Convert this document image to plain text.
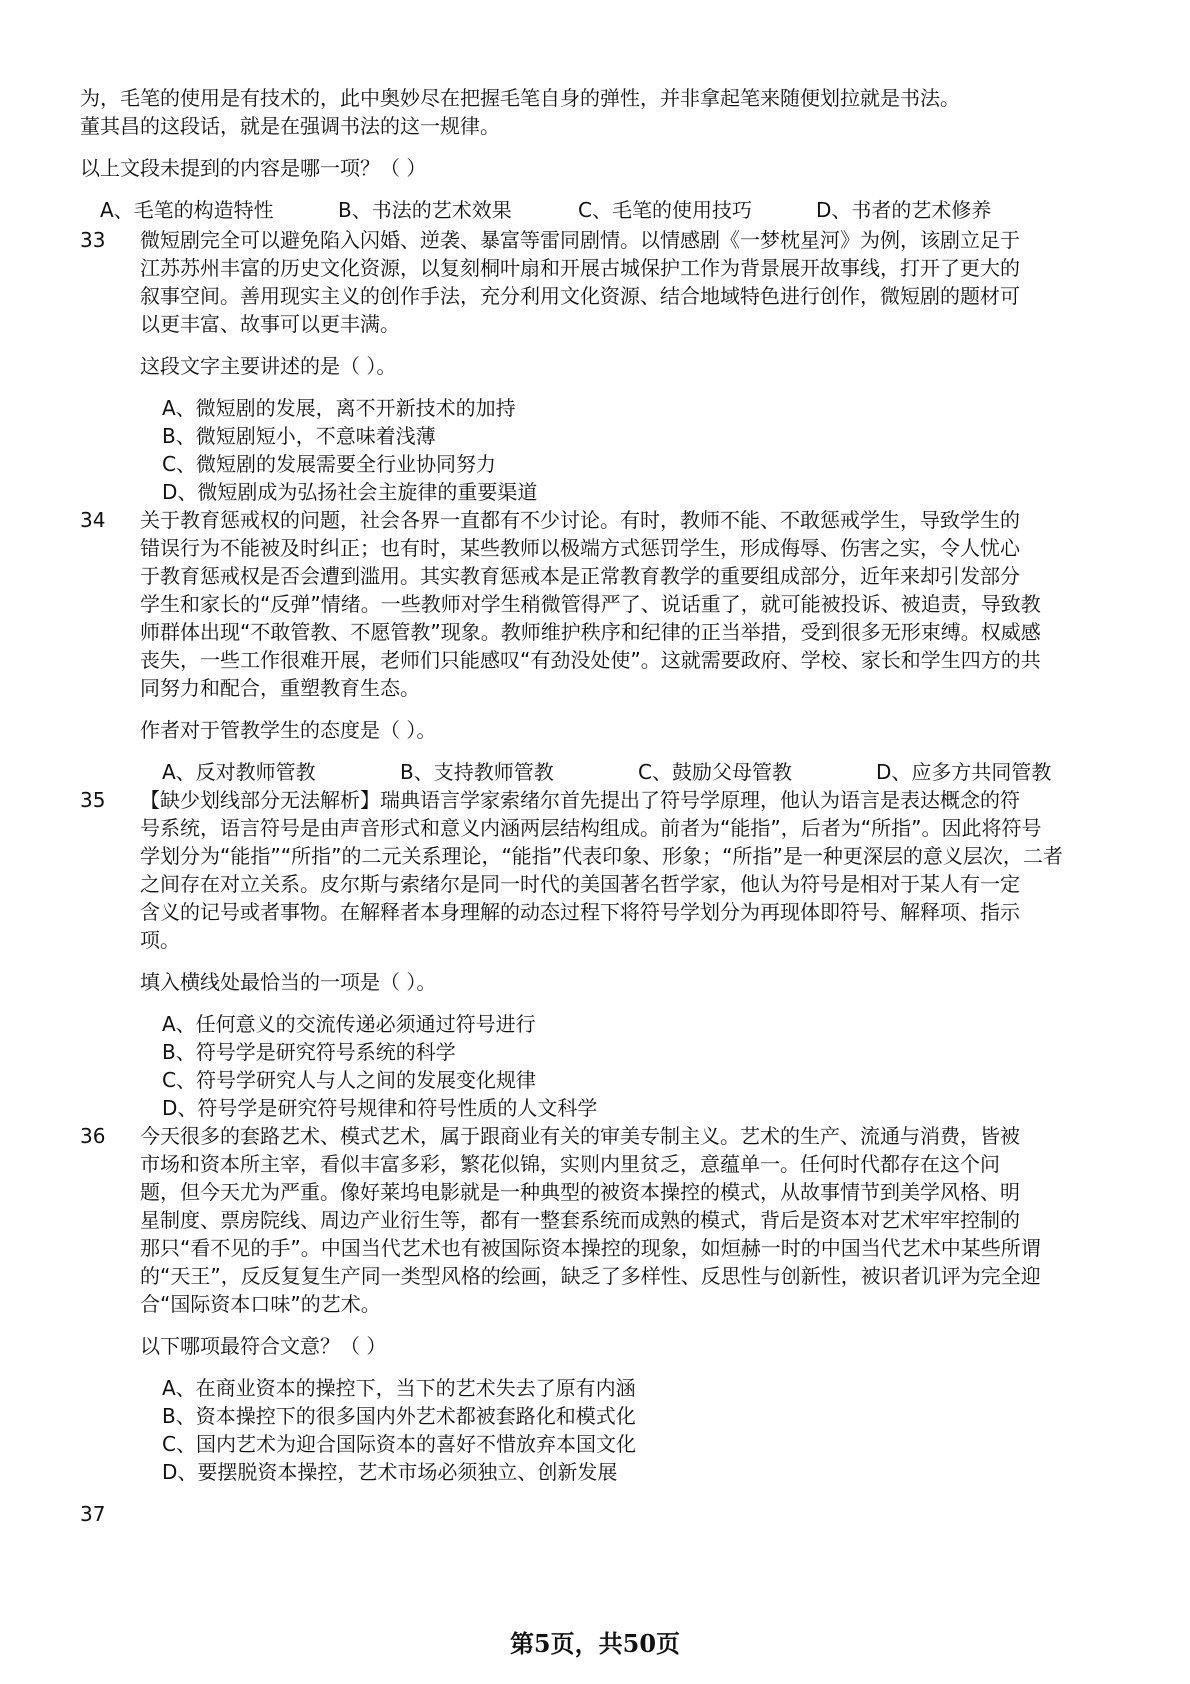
为，毛笔的使用是有技术的，此中奥妙尽在把握毛笔自身的弹性，并非拿起笔来随便划拉就是书法。
董其昌的这段话，就是在强调书法的这一规律。
以上文段未提到的内容是哪一项？（ ）
A、毛笔的构造特性	B、书法的艺术效果	C、毛笔的使用技巧	D、书者的艺术修养
33 微短剧完全可以避免陷入闪婚、逆袭、暴富等雷同剧情。以情感剧《一梦枕星河》为例，该剧立足于
江苏苏州丰富的历史文化资源，以复刻桐叶扇和开展古城保护工作为背景展开故事线，打开了更大的
叙事空间。善用现实主义的创作手法，充分利用文化资源、结合地域特色进行创作，微短剧的题材可
以更丰富、故事可以更丰满。
这段文字主要讲述的是（ ）。
A、微短剧的发展，离不开新技术的加持
B、微短剧短小，不意味着浅薄
C、微短剧的发展需要全行业协同努力
D、微短剧成为弘扬社会主旋律的重要渠道
34 关于教育惩戒权的问题，社会各界一直都有不少讨论。有时，教师不能、不敢惩戒学生，导致学生的
错误行为不能被及时纠正；也有时，某些教师以极端方式惩罚学生，形成侮辱、伤害之实，令人忧心
于教育惩戒权是否会遭到滥用。其实教育惩戒本是正常教育教学的重要组成部分，近年来却引发部分
学生和家长的“反弹”情绪。一些教师对学生稍微管得严了、说话重了，就可能被投诉、被追责，导致教
师群体出现“不敢管教、不愿管教”现象。教师维护秩序和纪律的正当举措，受到很多无形束缚。权威感
丧失，一些工作很难开展，老师们只能感叹“有劲没处使”。这就需要政府、学校、家长和学生四方的共
同努力和配合，重塑教育生态。
作者对于管教学生的态度是（ ）。
A、反对教师管教	B、支持教师管教	C、鼓励父母管教	D、应多方共同管教
35 【缺少划线部分无法解析】瑞典语言学家索绪尔首先提出了符号学原理，他认为语言是表达概念的符
号系统，语言符号是由声音形式和意义内涵两层结构组成。前者为“能指”，后者为“所指”。因此将符号
学划分为“能指”“所指”的二元关系理论，“能指”代表印象、形象；“所指”是一种更深层的意义层次，二者
之间存在对立关系。皮尔斯与索绪尔是同一时代的美国著名哲学家，他认为符号是相对于某人有一定
含义的记号或者事物。在解释者本身理解的动态过程下将符号学划分为再现体即符号、解释项、指示
项。
填入横线处最恰当的一项是（ ）。
A、任何意义的交流传递必须通过符号进行
B、符号学是研究符号系统的科学
C、符号学研究人与人之间的发展变化规律
D、符号学是研究符号规律和符号性质的人文科学
36 今天很多的套路艺术、模式艺术，属于跟商业有关的审美专制主义。艺术的生产、流通与消费，皆被
市场和资本所主宰，看似丰富多彩，繁花似锦，实则内里贫乏，意蕴单一。任何时代都存在这个问
题，但今天尤为严重。像好莱坞电影就是一种典型的被资本操控的模式，从故事情节到美学风格、明
星制度、票房院线、周边产业衍生等，都有一整套系统而成熟的模式，背后是资本对艺术牢牢控制的
那只“看不见的手”。中国当代艺术也有被国际资本操控的现象，如烜赫一时的中国当代艺术中某些所谓
的“天王”，反反复复生产同一类型风格的绘画，缺乏了多样性、反思性与创新性，被识者讥评为完全迎
合“国际资本口味”的艺术。
以下哪项最符合文意？（ ）
A、在商业资本的操控下，当下的艺术失去了原有内涵
B、资本操控下的很多国内外艺术都被套路化和模式化
C、国内艺术为迎合国际资本的喜好不惜放弃本国文化
D、要摆脱资本操控，艺术市场必须独立、创新发展
37
第5页，共50页
